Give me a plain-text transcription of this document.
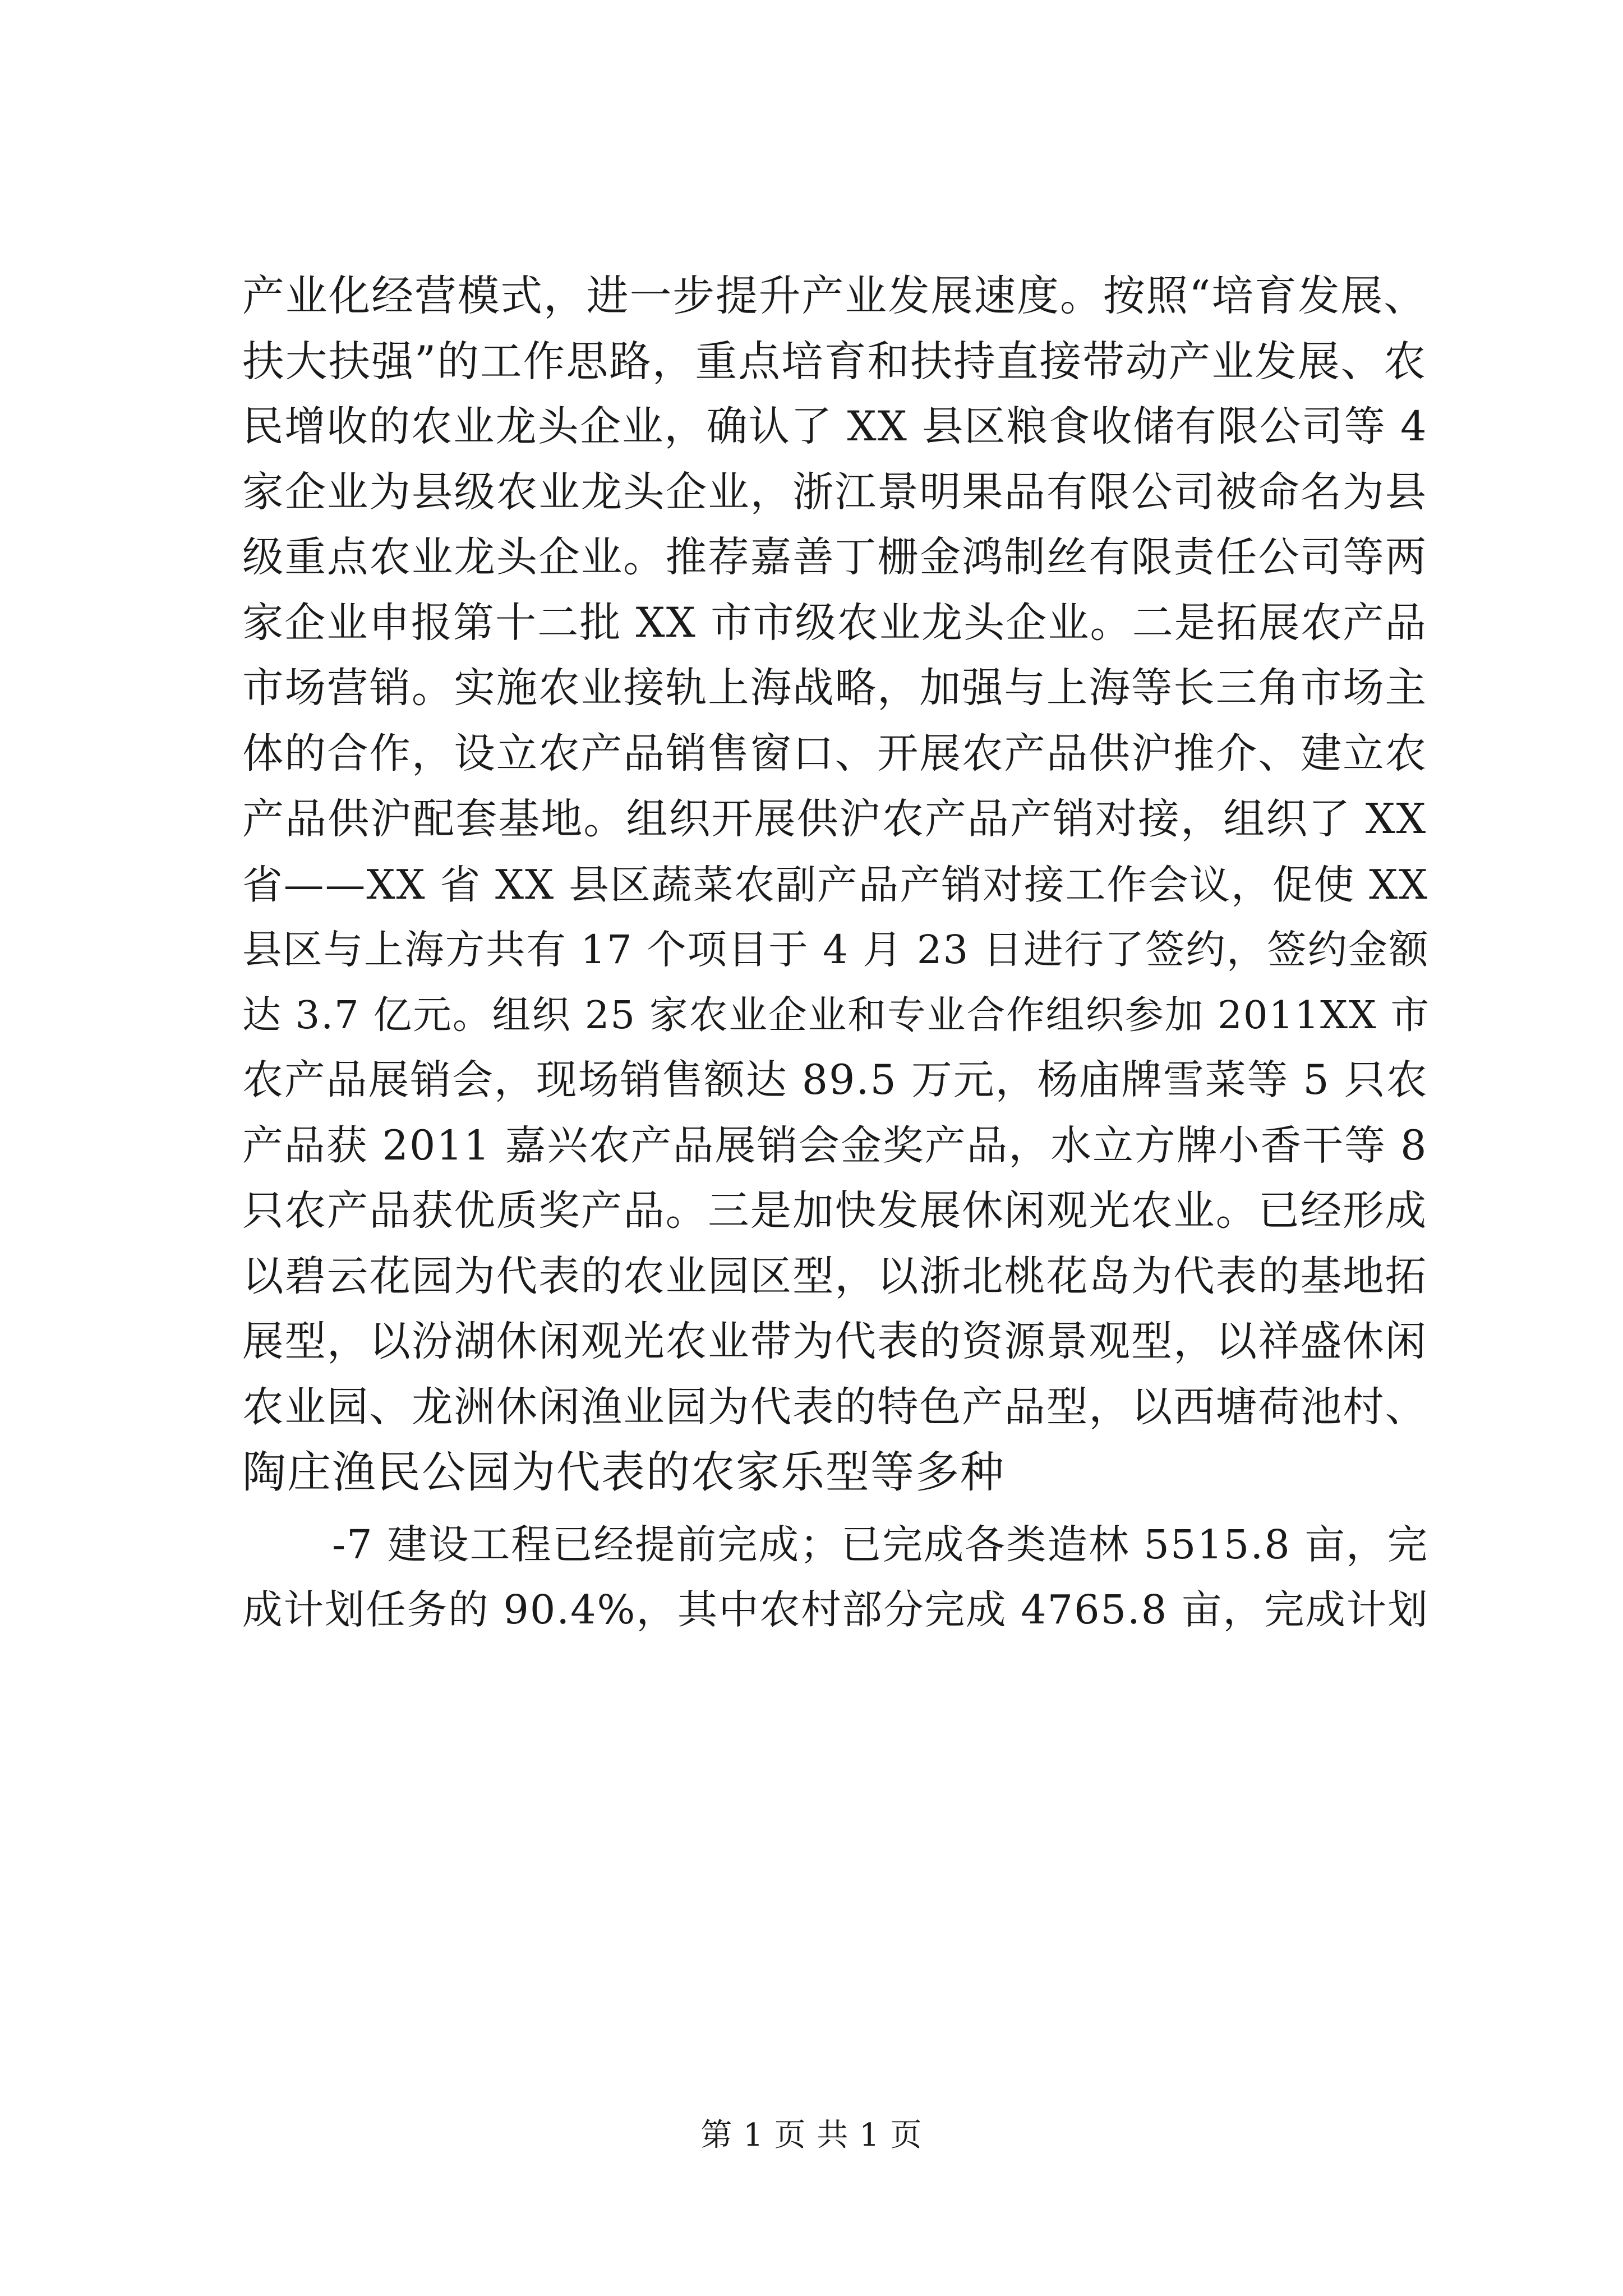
产业化经营模式，进一步提升产业发展速度。按照“培育发展、
扶大扶强”的工作思路，重点培育和扶持直接带动产业发展、农
民增收的农业龙头企业，确认了 XX 县区粮食收储有限公司等 4
家企业为县级农业龙头企业，浙江景明果品有限公司被命名为县
级重点农业龙头企业。推荐嘉善丁栅金鸿制丝有限责任公司等两
家企业申报第十二批 XX 市市级农业龙头企业。二是拓展农产品
市场营销。实施农业接轨上海战略，加强与上海等长三角市场主
体的合作，设立农产品销售窗口、开展农产品供沪推介、建立农
产品供沪配套基地。组织开展供沪农产品产销对接，组织了 XX
省——XX 省 XX 县区蔬菜农副产品产销对接工作会议，促使 XX
县区与上海方共有 17 个项目于 4 月 23 日进行了签约，签约金额
达 3.7 亿元。组织 25 家农业企业和专业合作组织参加 2011XX 市
农产品展销会，现场销售额达 89.5 万元，杨庙牌雪菜等 5 只农
产品获 2011 嘉兴农产品展销会金奖产品，水立方牌小香干等 8
只农产品获优质奖产品。三是加快发展休闲观光农业。已经形成
以碧云花园为代表的农业园区型，以浙北桃花岛为代表的基地拓
展型，以汾湖休闲观光农业带为代表的资源景观型，以祥盛休闲
农业园、龙洲休闲渔业园为代表的特色产品型，以西塘荷池村、
陶庄渔民公园为代表的农家乐型等多种
-7 建设工程已经提前完成；已完成各类造林 5515.8 亩，完
成计划任务的 90.4%，其中农村部分完成 4765.8 亩，完成计划
第 1 页 共 1 页
